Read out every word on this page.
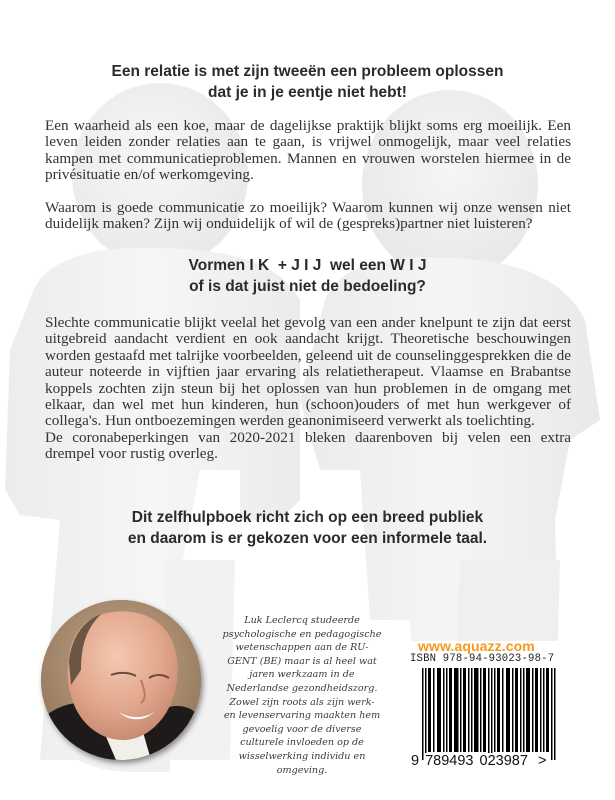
Een relatie is met zijn tweeën een probleem oplossen
dat je in je eentje niet hebt!

Een waarheid als een koe, maar de dagelijkse praktijk blijkt soms erg moeilijk. Een leven leiden zonder relaties aan te gaan, is vrijwel onmogelijk, maar veel relaties kampen met communicatieproblemen. Mannen en vrouwen worstelen hiermee in de privésituatie en/of werkomgeving.

Waarom is goede communicatie zo moeilijk? Waarom kunnen wij onze wensen niet duidelijk maken? Zijn wij onduidelijk of wil de (gespreks)partner niet luisteren?

Vormen I K  + J I J  wel een W I J
of is dat juist niet de bedoeling?

Slechte communicatie blijkt veelal het gevolg van een ander knelpunt te zijn dat eerst uitgebreid aandacht verdient en ook aandacht krijgt. Theoretische beschouwingen worden gestaafd met talrijke voorbeelden, geleend uit de counselinggesprekken die de auteur noteerde in vijftien jaar ervaring als relatietherapeut. Vlaamse en Brabantse koppels zochten zijn steun bij het oplossen van hun problemen in de omgang met elkaar, dan wel met hun kinderen, hun (schoon)ouders of met hun werkgever of collega's. Hun ontboezemingen werden geanonimiseerd verwerkt als toelichting.

De coronabeperkingen van 2020-2021 bleken daarenboven bij velen een extra drempel voor rustig overleg.

Dit zelfhulpboek richt zich op een breed publiek
en daarom is er gekozen voor een informele taal.
Luk Leclercq studeerde psychologische en pedagogische wetenschappen aan de RU-GENT (BE) maar is al heel wat jaren werkzaam in de Nederlandse gezondheidszorg. Zowel zijn roots als zijn werk- en levenservaring maakten hem gevoelig voor de diverse culturele invloeden op de wisselwerking individu en omgeving.
www.aquazz.com
ISBN 978-94-93023-98-7
9 789493 023987 >
